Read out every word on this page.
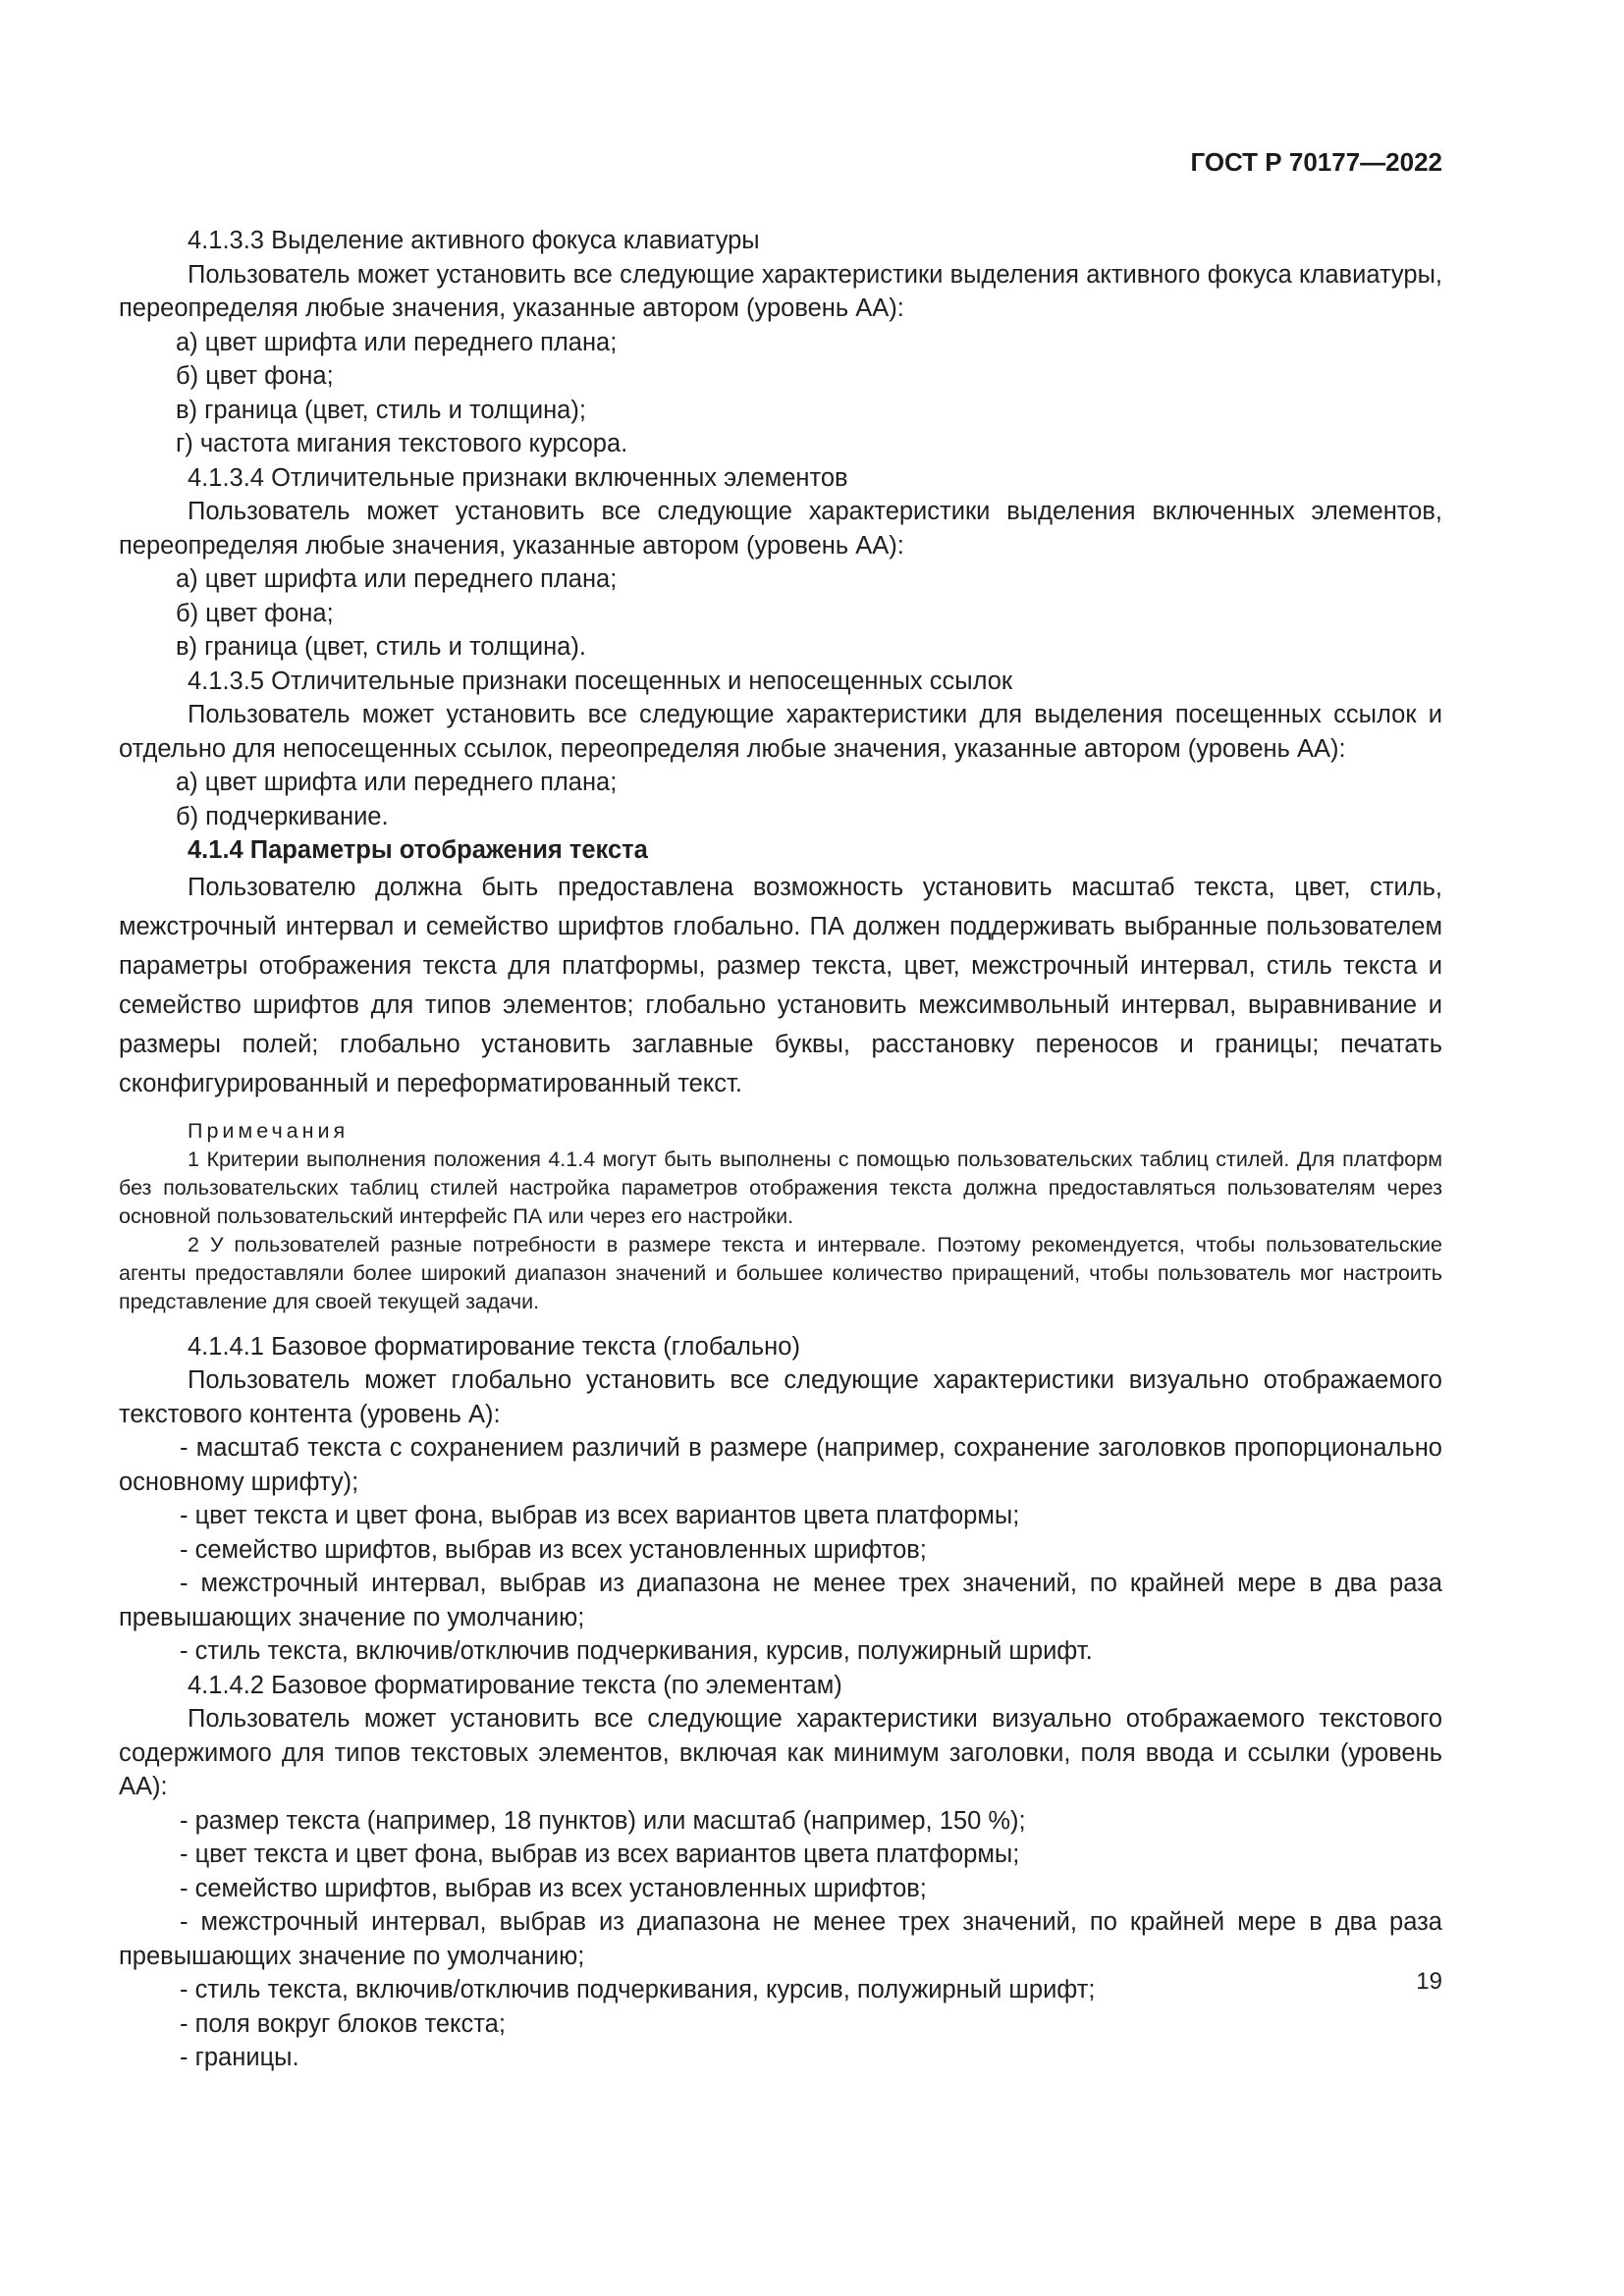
ГОСТ Р 70177—2022

4.1.3.3 Выделение активного фокуса клавиатуры

Пользователь может установить все следующие характеристики выделения активного фокуса клавиатуры, переопределяя любые значения, указанные автором (уровень АА):

а) цвет шрифта или переднего плана;

б) цвет фона;

в) граница (цвет, стиль и толщина);

г) частота мигания текстового курсора.

4.1.3.4 Отличительные признаки включенных элементов

Пользователь может установить все следующие характеристики выделения включенных элементов, переопределяя любые значения, указанные автором (уровень АА):

а) цвет шрифта или переднего плана;

б) цвет фона;

в) граница (цвет, стиль и толщина).

4.1.3.5 Отличительные признаки посещенных и непосещенных ссылок

Пользователь может установить все следующие характеристики для выделения посещенных ссылок и отдельно для непосещенных ссылок, переопределяя любые значения, указанные автором (уровень АА):

а) цвет шрифта или переднего плана;

б) подчеркивание.

4.1.4 Параметры отображения текста

Пользователю должна быть предоставлена возможность установить масштаб текста, цвет, стиль, межстрочный интервал и семейство шрифтов глобально. ПА должен поддерживать выбранные пользователем параметры отображения текста для платформы, размер текста, цвет, межстрочный интервал, стиль текста и семейство шрифтов для типов элементов; глобально установить межсимвольный интервал, выравнивание и размеры полей; глобально установить заглавные буквы, расстановку переносов и границы; печатать сконфигурированный и переформатированный текст.

Примечания

1 Критерии выполнения положения 4.1.4 могут быть выполнены с помощью пользовательских таблиц стилей. Для платформ без пользовательских таблиц стилей настройка параметров отображения текста должна предоставляться пользователям через основной пользовательский интерфейс ПА или через его настройки.

2 У пользователей разные потребности в размере текста и интервале. Поэтому рекомендуется, чтобы пользовательские агенты предоставляли более широкий диапазон значений и большее количество приращений, чтобы пользователь мог настроить представление для своей текущей задачи.

4.1.4.1 Базовое форматирование текста (глобально)

Пользователь может глобально установить все следующие характеристики визуально отображаемого текстового контента (уровень А):

- масштаб текста с сохранением различий в размере (например, сохранение заголовков пропорционально основному шрифту);

- цвет текста и цвет фона, выбрав из всех вариантов цвета платформы;

- семейство шрифтов, выбрав из всех установленных шрифтов;

- межстрочный интервал, выбрав из диапазона не менее трех значений, по крайней мере в два раза превышающих значение по умолчанию;

- стиль текста, включив/отключив подчеркивания, курсив, полужирный шрифт.

4.1.4.2 Базовое форматирование текста (по элементам)

Пользователь может установить все следующие характеристики визуально отображаемого текстового содержимого для типов текстовых элементов, включая как минимум заголовки, поля ввода и ссылки (уровень АА):

- размер текста (например, 18 пунктов) или масштаб (например, 150 %);

- цвет текста и цвет фона, выбрав из всех вариантов цвета платформы;

- семейство шрифтов, выбрав из всех установленных шрифтов;

- межстрочный интервал, выбрав из диапазона не менее трех значений, по крайней мере в два раза превышающих значение по умолчанию;

- стиль текста, включив/отключив подчеркивания, курсив, полужирный шрифт;

- поля вокруг блоков текста;

- границы.

19
